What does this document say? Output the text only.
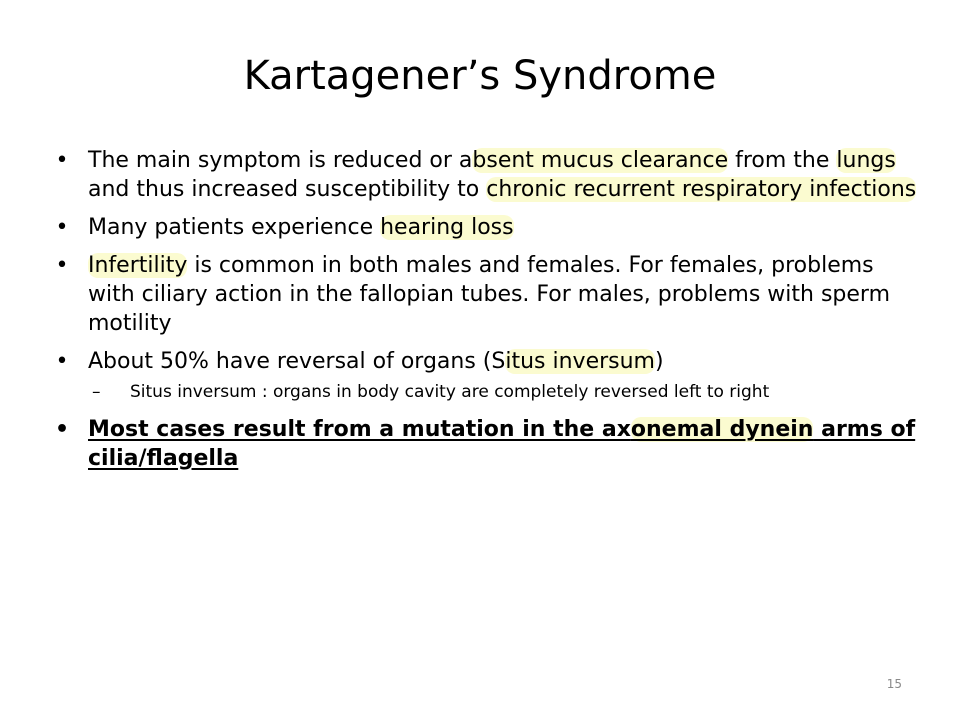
Kartagener’s Syndrome
• The main symptom is reduced or absent mucus clearance from the lungs and thus increased susceptibility to chronic recurrent respiratory infections
• Many patients experience hearing loss
• Infertility is common in both males and females. For females, problems with ciliary action in the fallopian tubes. For males, problems with sperm motility
• About 50% have reversal of organs (Situs inversum)
– Situs inversum : organs in body cavity are completely reversed left to right
• Most cases result from a mutation in the axonemal dynein arms of cilia/flagella
15
